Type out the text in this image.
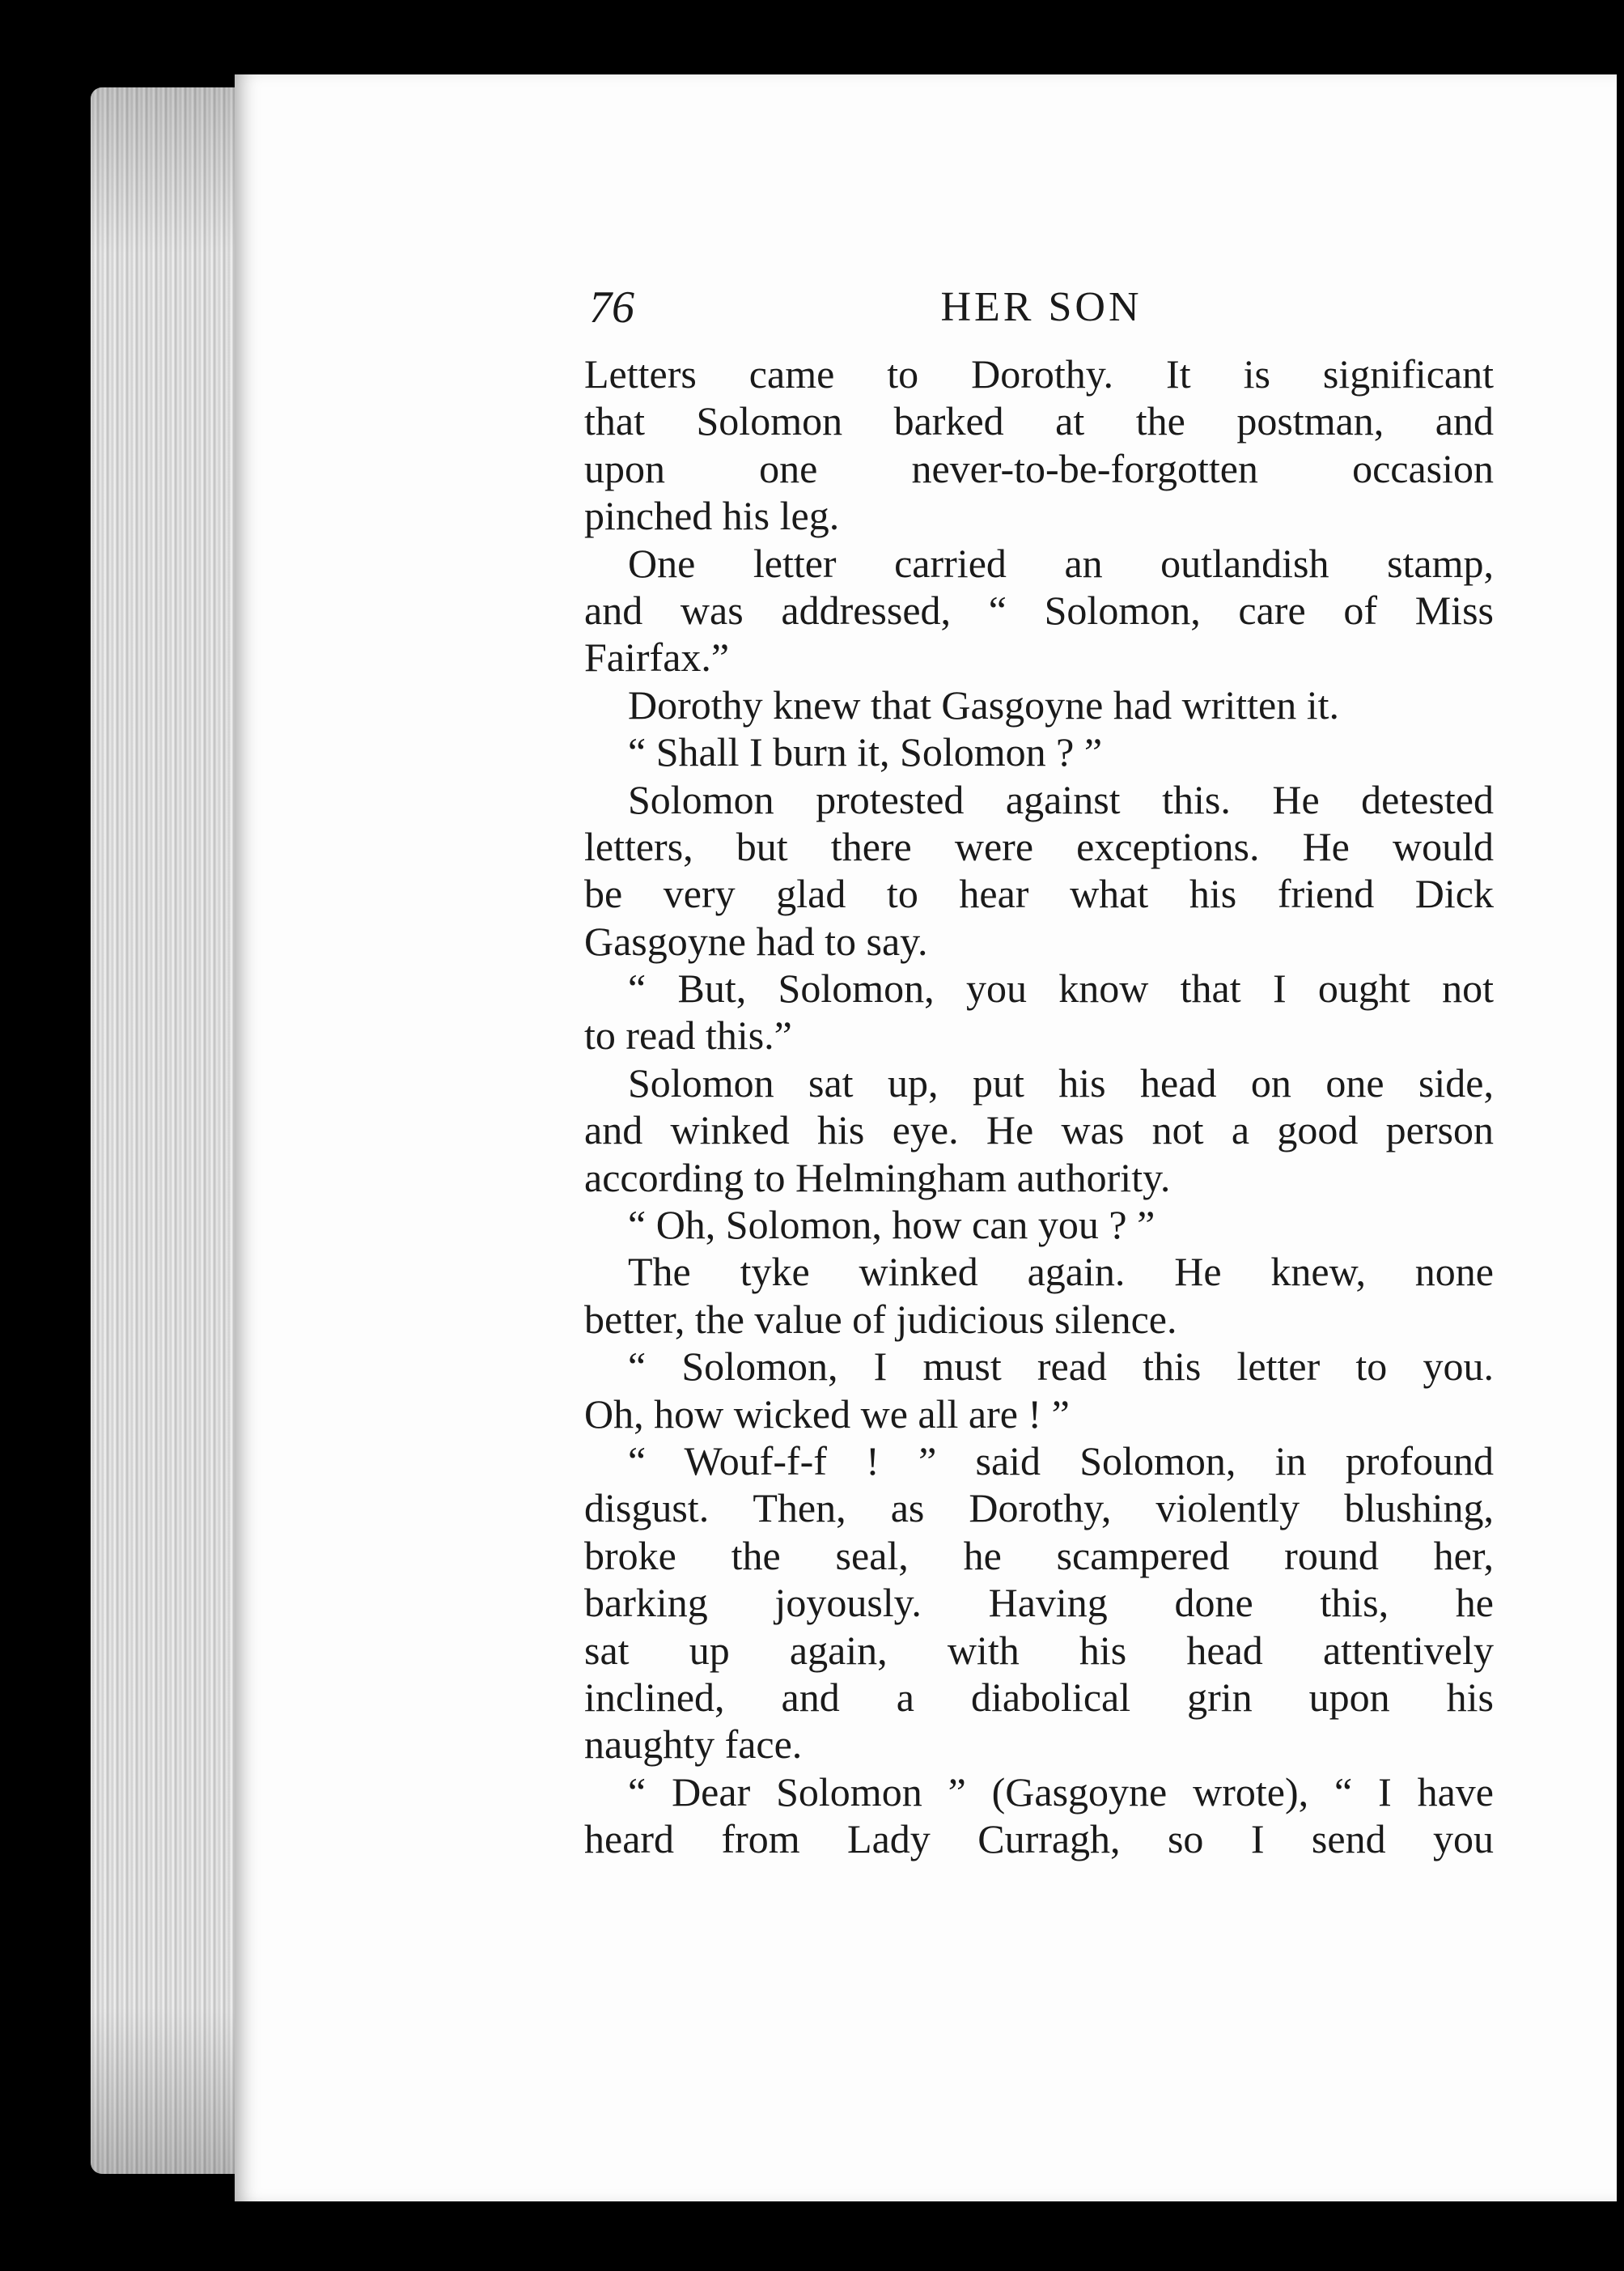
76	HER SON
Letters came to Dorothy. It is significant
that Solomon barked at the postman, and
upon one never-to-be-forgotten occasion
pinched his leg.
One letter carried an outlandish stamp,
and was addressed, “ Solomon, care of Miss
Fairfax.”
Dorothy knew that Gasgoyne had written it.
“ Shall I burn it, Solomon ? ”
Solomon protested against this. He detested
letters, but there were exceptions. He would
be very glad to hear what his friend Dick
Gasgoyne had to say.
“ But, Solomon, you know that I ought not
to read this.”
Solomon sat up, put his head on one side,
and winked his eye. He was not a good person
according to Helmingham authority.
“ Oh, Solomon, how can you ? ”
The tyke winked again. He knew, none
better, the value of judicious silence.
“ Solomon, I must read this letter to you.
Oh, how wicked we all are ! ”
“ Wouf-f-f ! ” said Solomon, in profound
disgust. Then, as Dorothy, violently blushing,
broke the seal, he scampered round her,
barking joyously. Having done this, he
sat up again, with his head attentively
inclined, and a diabolical grin upon his
naughty face.
“ Dear Solomon ” (Gasgoyne wrote), “ I have
heard from Lady Curragh, so I send you
